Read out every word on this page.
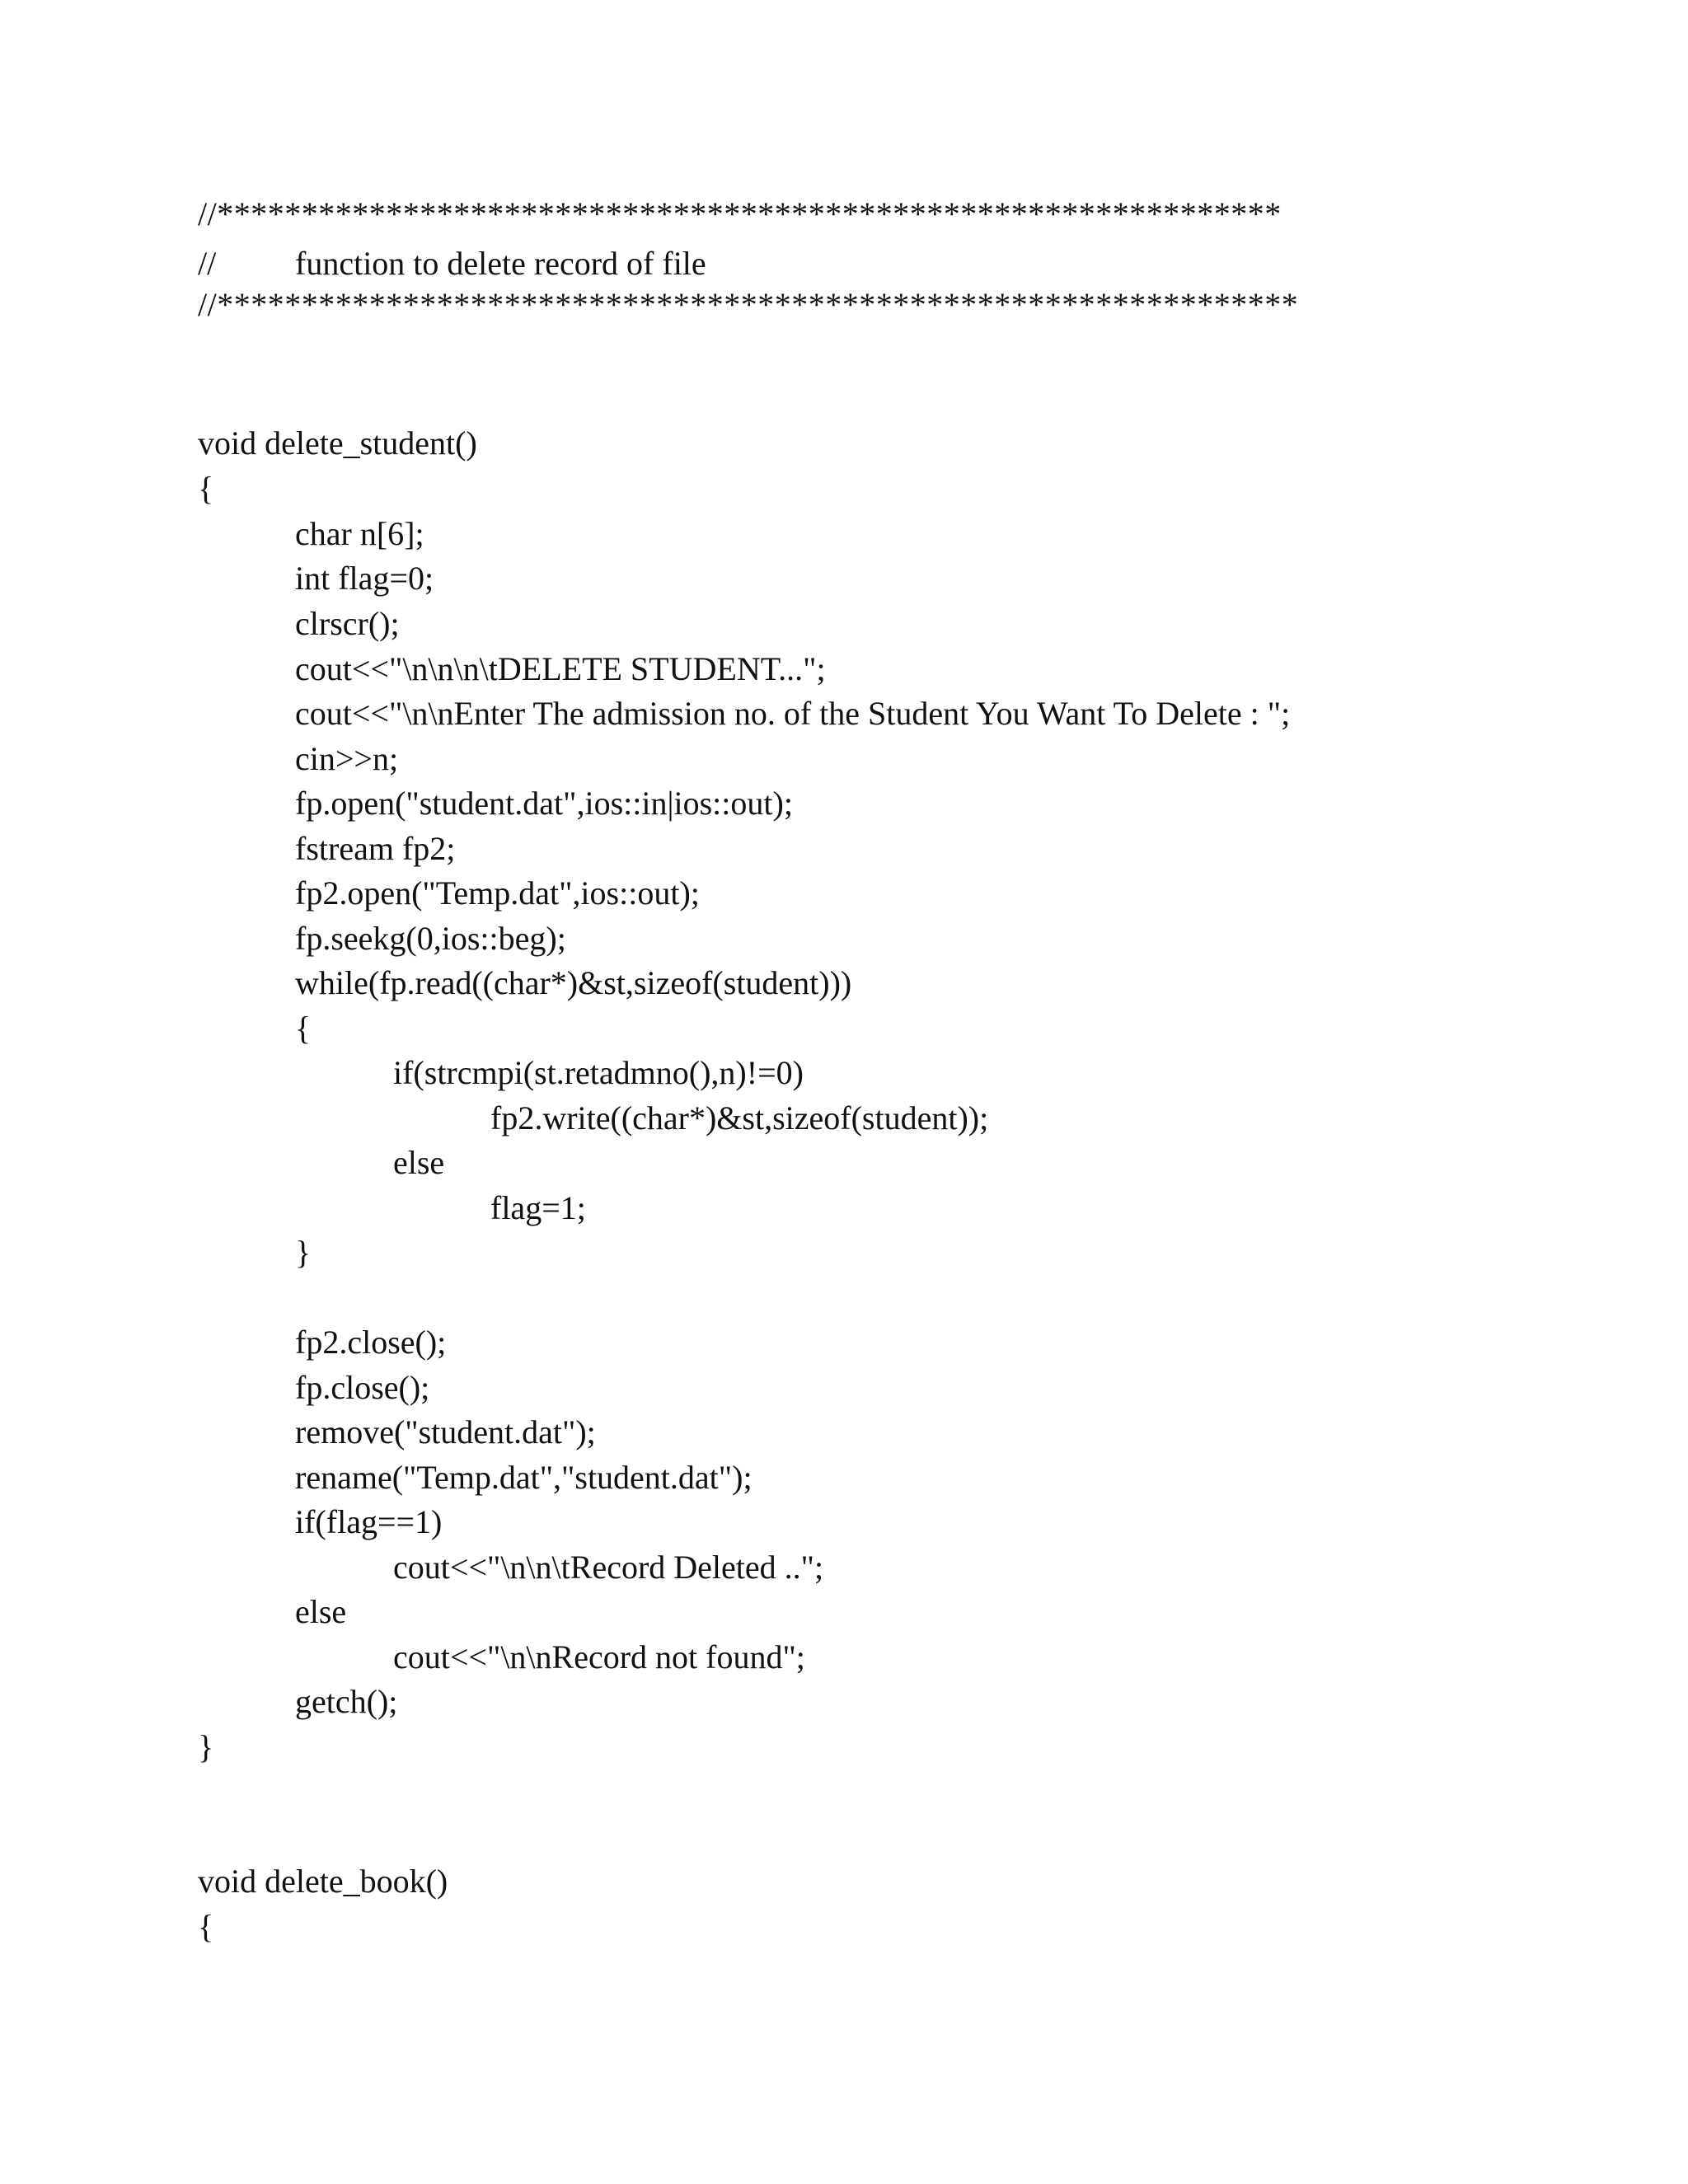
//***************************************************************
// function to delete record of file
//****************************************************************
void delete_student()
{
char n[6];
int flag=0;
clrscr();
cout<<"\n\n\n\tDELETE STUDENT...";
cout<<"\n\nEnter The admission no. of the Student You Want To Delete : ";
cin>>n;
fp.open("student.dat",ios::in|ios::out);
fstream fp2;
fp2.open("Temp.dat",ios::out);
fp.seekg(0,ios::beg);
while(fp.read((char*)&st,sizeof(student)))
{
if(strcmpi(st.retadmno(),n)!=0)
fp2.write((char*)&st,sizeof(student));
else
flag=1;
}
fp2.close();
fp.close();
remove("student.dat");
rename("Temp.dat","student.dat");
if(flag==1)
cout<<"\n\n\tRecord Deleted ..";
else
cout<<"\n\nRecord not found";
getch();
}
void delete_book()
{
